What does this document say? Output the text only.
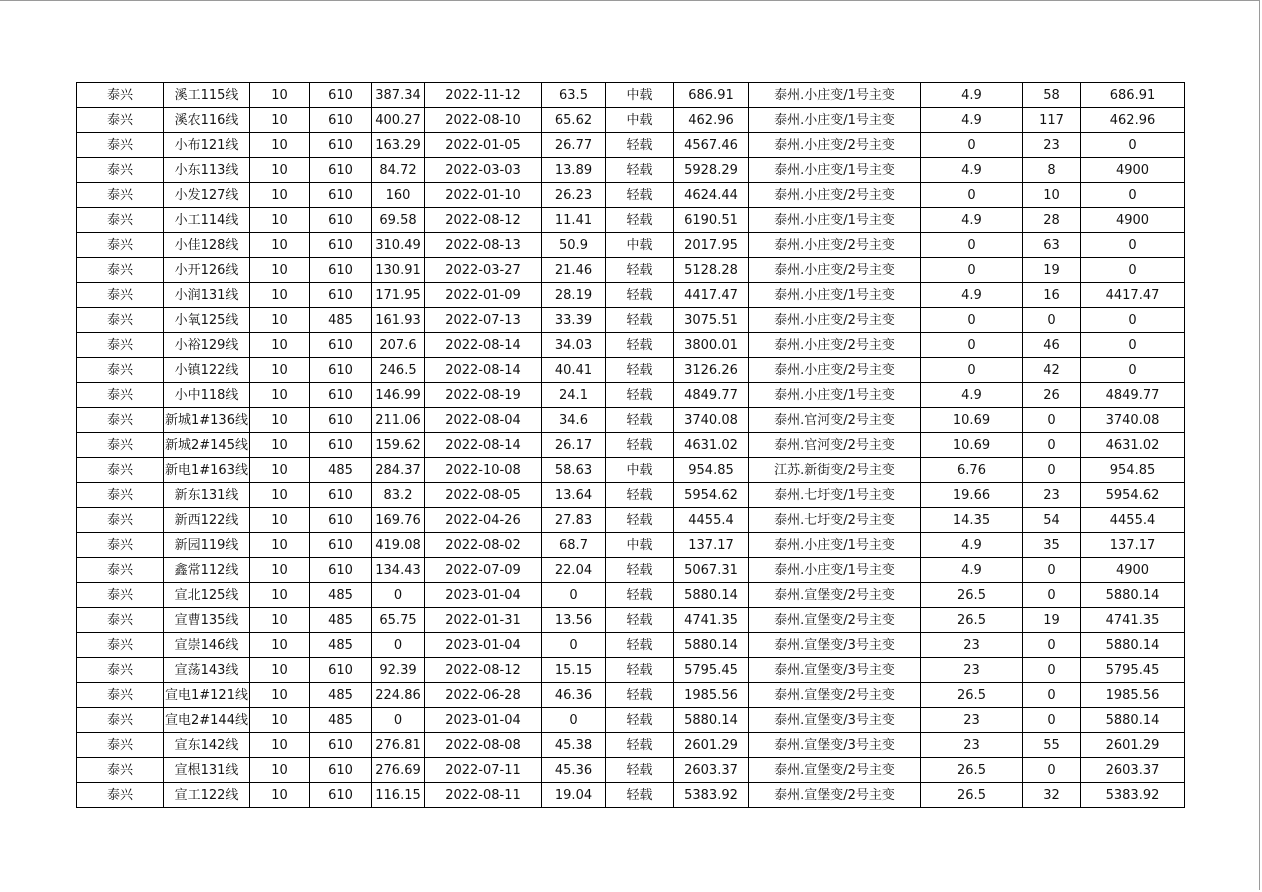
泰兴	溪工115线	10	610	387.34	2022-11-12	63.5	中载	686.91	泰州.小庄变/1号主变	4.9	58	686.91
泰兴	溪农116线	10	610	400.27	2022-08-10	65.62	中载	462.96	泰州.小庄变/1号主变	4.9	117	462.96
泰兴	小布121线	10	610	163.29	2022-01-05	26.77	轻载	4567.46	泰州.小庄变/2号主变	0	23	0
泰兴	小东113线	10	610	84.72	2022-03-03	13.89	轻载	5928.29	泰州.小庄变/1号主变	4.9	8	4900
泰兴	小发127线	10	610	160	2022-01-10	26.23	轻载	4624.44	泰州.小庄变/2号主变	0	10	0
泰兴	小工114线	10	610	69.58	2022-08-12	11.41	轻载	6190.51	泰州.小庄变/1号主变	4.9	28	4900
泰兴	小佳128线	10	610	310.49	2022-08-13	50.9	中载	2017.95	泰州.小庄变/2号主变	0	63	0
泰兴	小开126线	10	610	130.91	2022-03-27	21.46	轻载	5128.28	泰州.小庄变/2号主变	0	19	0
泰兴	小润131线	10	610	171.95	2022-01-09	28.19	轻载	4417.47	泰州.小庄变/1号主变	4.9	16	4417.47
泰兴	小氧125线	10	485	161.93	2022-07-13	33.39	轻载	3075.51	泰州.小庄变/2号主变	0	0	0
泰兴	小裕129线	10	610	207.6	2022-08-14	34.03	轻载	3800.01	泰州.小庄变/2号主变	0	46	0
泰兴	小镇122线	10	610	246.5	2022-08-14	40.41	轻载	3126.26	泰州.小庄变/2号主变	0	42	0
泰兴	小中118线	10	610	146.99	2022-08-19	24.1	轻载	4849.77	泰州.小庄变/1号主变	4.9	26	4849.77
泰兴	新城1#136线	10	610	211.06	2022-08-04	34.6	轻载	3740.08	泰州.官河变/2号主变	10.69	0	3740.08
泰兴	新城2#145线	10	610	159.62	2022-08-14	26.17	轻载	4631.02	泰州.官河变/2号主变	10.69	0	4631.02
泰兴	新电1#163线	10	485	284.37	2022-10-08	58.63	中载	954.85	江苏.新街变/2号主变	6.76	0	954.85
泰兴	新东131线	10	610	83.2	2022-08-05	13.64	轻载	5954.62	泰州.七圩变/1号主变	19.66	23	5954.62
泰兴	新西122线	10	610	169.76	2022-04-26	27.83	轻载	4455.4	泰州.七圩变/2号主变	14.35	54	4455.4
泰兴	新园119线	10	610	419.08	2022-08-02	68.7	中载	137.17	泰州.小庄变/1号主变	4.9	35	137.17
泰兴	鑫常112线	10	610	134.43	2022-07-09	22.04	轻载	5067.31	泰州.小庄变/1号主变	4.9	0	4900
泰兴	宣北125线	10	485	0	2023-01-04	0	轻载	5880.14	泰州.宣堡变/2号主变	26.5	0	5880.14
泰兴	宣曹135线	10	485	65.75	2022-01-31	13.56	轻载	4741.35	泰州.宣堡变/2号主变	26.5	19	4741.35
泰兴	宣崇146线	10	485	0	2023-01-04	0	轻载	5880.14	泰州.宣堡变/3号主变	23	0	5880.14
泰兴	宣荡143线	10	610	92.39	2022-08-12	15.15	轻载	5795.45	泰州.宣堡变/3号主变	23	0	5795.45
泰兴	宣电1#121线	10	485	224.86	2022-06-28	46.36	轻载	1985.56	泰州.宣堡变/2号主变	26.5	0	1985.56
泰兴	宣电2#144线	10	485	0	2023-01-04	0	轻载	5880.14	泰州.宣堡变/3号主变	23	0	5880.14
泰兴	宣东142线	10	610	276.81	2022-08-08	45.38	轻载	2601.29	泰州.宣堡变/3号主变	23	55	2601.29
泰兴	宣根131线	10	610	276.69	2022-07-11	45.36	轻载	2603.37	泰州.宣堡变/2号主变	26.5	0	2603.37
泰兴	宣工122线	10	610	116.15	2022-08-11	19.04	轻载	5383.92	泰州.宣堡变/2号主变	26.5	32	5383.92
